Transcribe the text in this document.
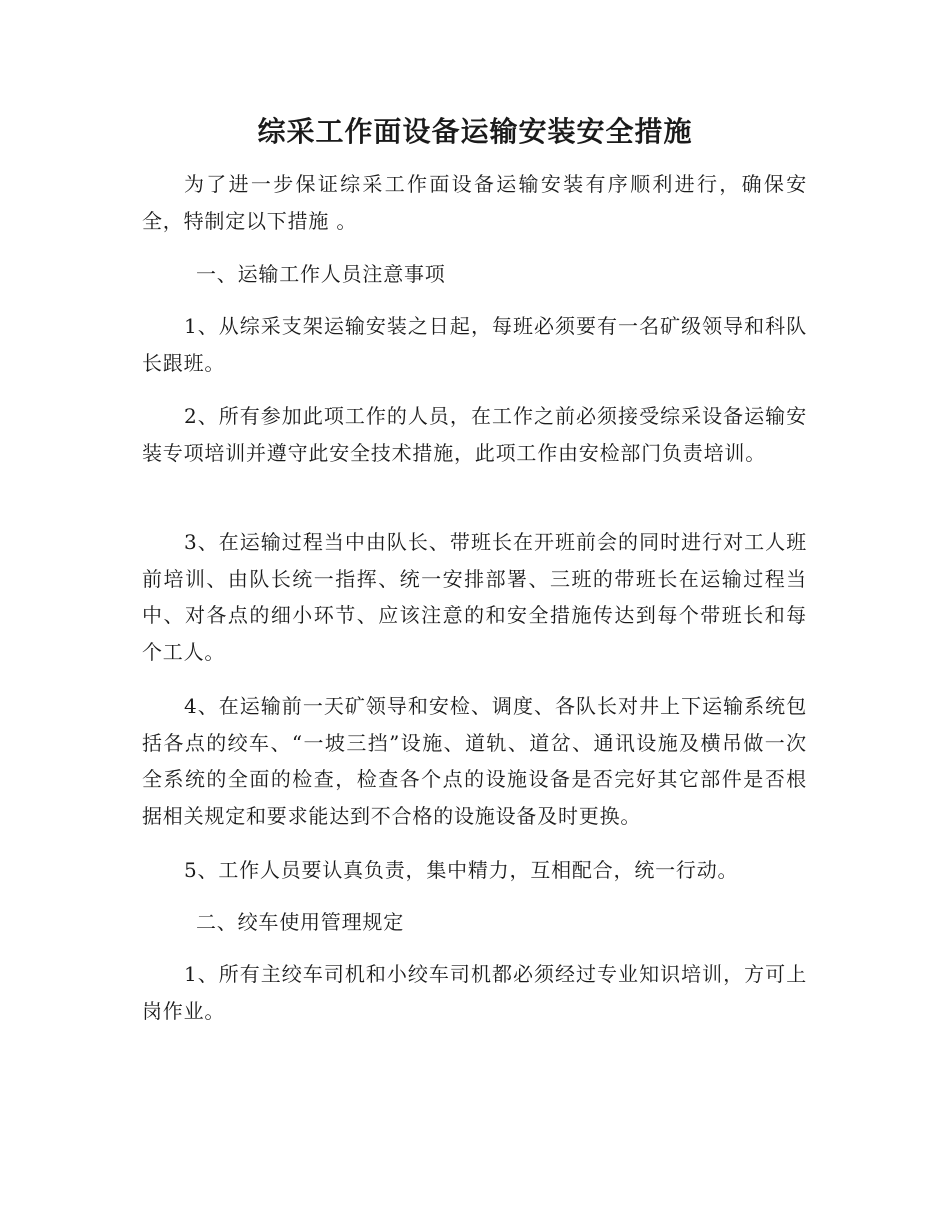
综采工作面设备运输安装安全措施
为了进一步保证综采工作面设备运输安装有序顺利进行，确保安全，特制定以下措施 。
一、运输工作人员注意事项
1、从综采支架运输安装之日起，每班必须要有一名矿级领导和科队长跟班。
2、所有参加此项工作的人员，在工作之前必须接受综采设备运输安装专项培训并遵守此安全技术措施，此项工作由安检部门负责培训。
3、在运输过程当中由队长、带班长在开班前会的同时进行对工人班前培训、由队长统一指挥、统一安排部署、三班的带班长在运输过程当中、对各点的细小环节、应该注意的和安全措施传达到每个带班长和每个工人。
4、在运输前一天矿领导和安检、调度、各队长对井上下运输系统包括各点的绞车、“一坡三挡”设施、道轨、道岔、通讯设施及横吊做一次全系统的全面的检查，检查各个点的设施设备是否完好其它部件是否根据相关规定和要求能达到不合格的设施设备及时更换。
5、工作人员要认真负责，集中精力，互相配合，统一行动。
二、绞车使用管理规定
1、所有主绞车司机和小绞车司机都必须经过专业知识培训，方可上岗作业。
